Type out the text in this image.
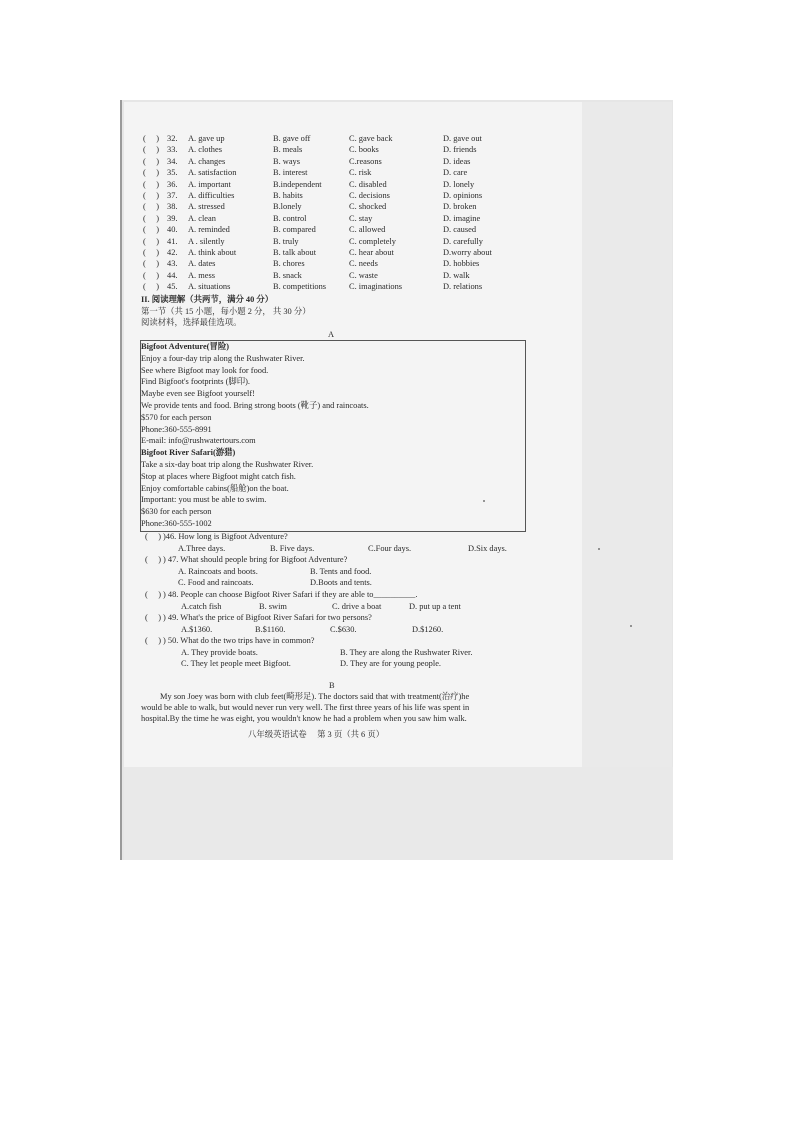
(　 ) 32. A. gave up	B. gave off	C. gave back	D. gave out
(　 ) 33. A. clothes	B. meals	C. books	D. friends
(　 ) 34. A. changes	B. ways	C.reasons	D. ideas
(　 ) 35. A. satisfaction	B. interest	C. risk	D. care
(　 ) 36. A. important	B.independent	C. disabled	D. lonely
(　 ) 37. A. difficulties	B. habits	C. decisions	D. opinions
(　 ) 38. A. stressed	B.lonely	C. shocked	D. broken
(　 ) 39. A. clean	B. control	C. stay	D. imagine
(　 ) 40. A. reminded	B. compared	C. allowed	D. caused
(　 ) 41. A . silently	B. truly	C. completely	D. carefully
(　 ) 42. A. think about	B. talk about	C. hear about	D.worry about
(　 ) 43. A. dates	B. chores	C. needs	D. hobbies
(　 ) 44. A. mess	B. snack	C. waste	D. walk
(　 ) 45. A. situations	B. competitions	C. imaginations	D. relations
II. 阅读理解（共两节，满分 40 分）
第一节（共 15 小题，每小题 2 分， 共 30 分）
阅读材料，选择最佳选项。
A
Bigfoot Adventure(冒险)
Enjoy a four-day trip along the Rushwater River.
See where Bigfoot may look for food.
Find Bigfoot's footprints (脚印).
Maybe even see Bigfoot yourself!
We provide tents and food. Bring strong boots (靴子) and raincoats.
$570 for each person
Phone:360-555-8991
E-mail: info@rushwatertours.com
Bigfoot River Safari(游猎)
Take a six-day boat trip along the Rushwater River.
Stop at places where Bigfoot might catch fish.
Enjoy comfortable cabins(船舱)on the boat.
Important: you must be able to swim.
$630 for each person
Phone:360-555-1002
(　 ) )46. How long is Bigfoot Adventure?
A.Three days.	B. Five days.	C.Four days.	D.Six days.
(　 ) ) 47. What should people bring for Bigfoot Adventure?
A. Raincoats and boots.	B. Tents and food.
C. Food and raincoats.	D.Boots and tents.
(　 ) ) 48. People can choose Bigfoot River Safari if they are able to__________.
A.catch fish	B. swim	C. drive a boat	D. put up a tent
(　 ) ) 49. What's the price of Bigfoot River Safari for two persons?
A.$1360.	B.$1160.	C.$630.	D.$1260.
(　 ) ) 50. What do the two trips have in common?
A. They provide boats.	B. They are along the Rushwater River.
C. They let people meet Bigfoot.	D. They are for young people.
B
My son Joey was born with club feet(畸形足). The doctors said that with treatment(治疗)he
would be able to walk, but would never run very well. The first three years of his life was spent in
hospital.By the time he was eight, you wouldn't know he had a problem when you saw him walk.
八年级英语试卷　 第 3 页（共 6 页）
